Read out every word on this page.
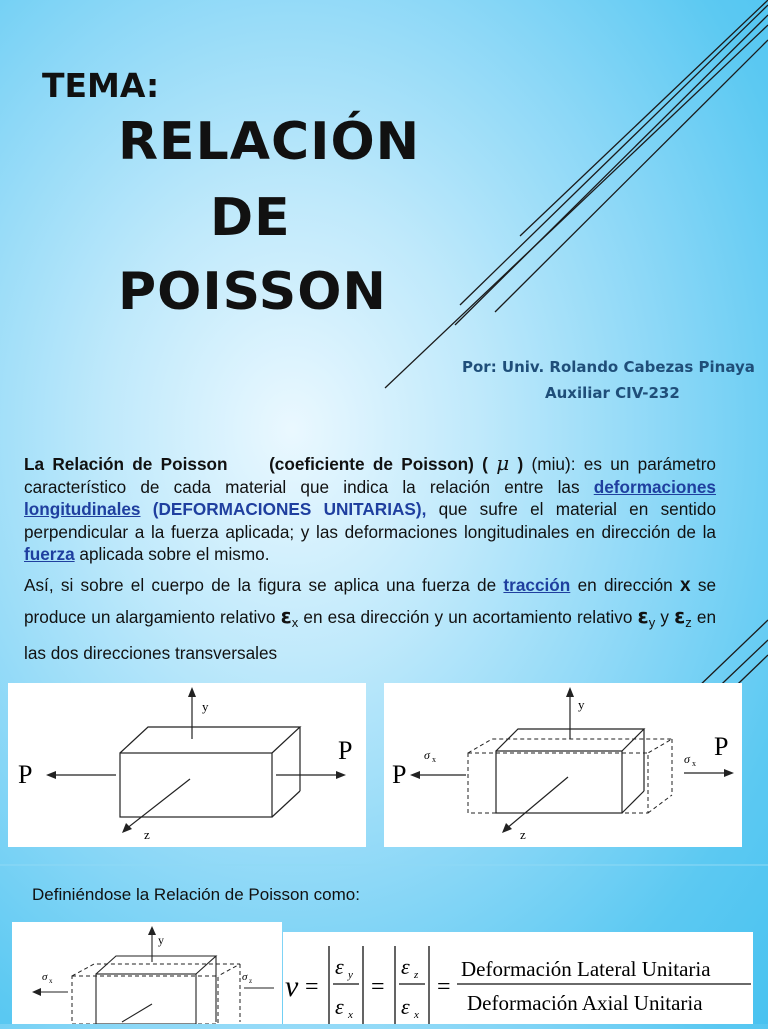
TEMA:
RELACIÓN
DE
POISSON
Por: Univ. Rolando Cabezas Pinaya
Auxiliar CIV-232
La Relación de Poisson (coeficiente de Poisson) ( μ ) (miu): es un parámetro característico de cada material que indica la relación entre las deformaciones longitudinales (DEFORMACIONES UNITARIAS), que sufre el material en sentido perpendicular a la fuerza aplicada; y las deformaciones longitudinales en dirección de la fuerza aplicada sobre el mismo.
Así, si sobre el cuerpo de la figura se aplica una fuerza de tracción en dirección x se produce un alargamiento relativo $\varepsilon_x$ en esa dirección y un acortamiento relativo $\varepsilon_y$ y $\varepsilon_z$ en las dos direcciones transversales
y
z
P
P
y
z
P
P
σ x	σ x
Definiéndose la Relación de Poisson como:
y
σ x	σ z ν =
ε y
ε x
=
ε z
ε x
=
Deformación Lateral Unitaria
Deformación Axial Unitaria
